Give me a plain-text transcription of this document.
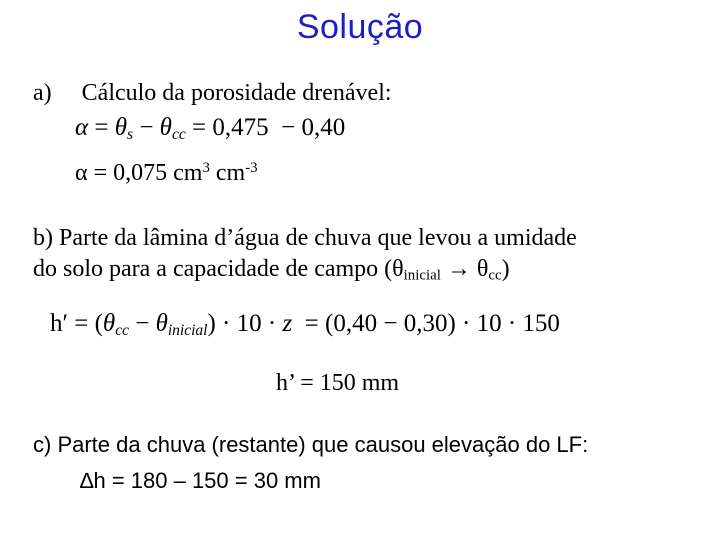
Solução
a) Cálculo da porosidade drenável:
$\alpha = \theta_s - \theta_{cc} = 0,475 - 0,40$
α = 0,075 $cm^3$ $cm^{-3}$
b) Parte da lâmina d’água de chuva que levou a umidade
do solo para a capacidade de campo $(\theta_{inicial} \to \theta_{cc})$
$h' = (\theta_{cc} - \theta_{inicial}) \cdot 10 \cdot z = (0,40 - 0,30) \cdot 10 \cdot 150$
h’ = 150 mm
c) Parte da chuva (restante) que causou elevação do LF:
∆h = 180 – 150 = 30 mm
